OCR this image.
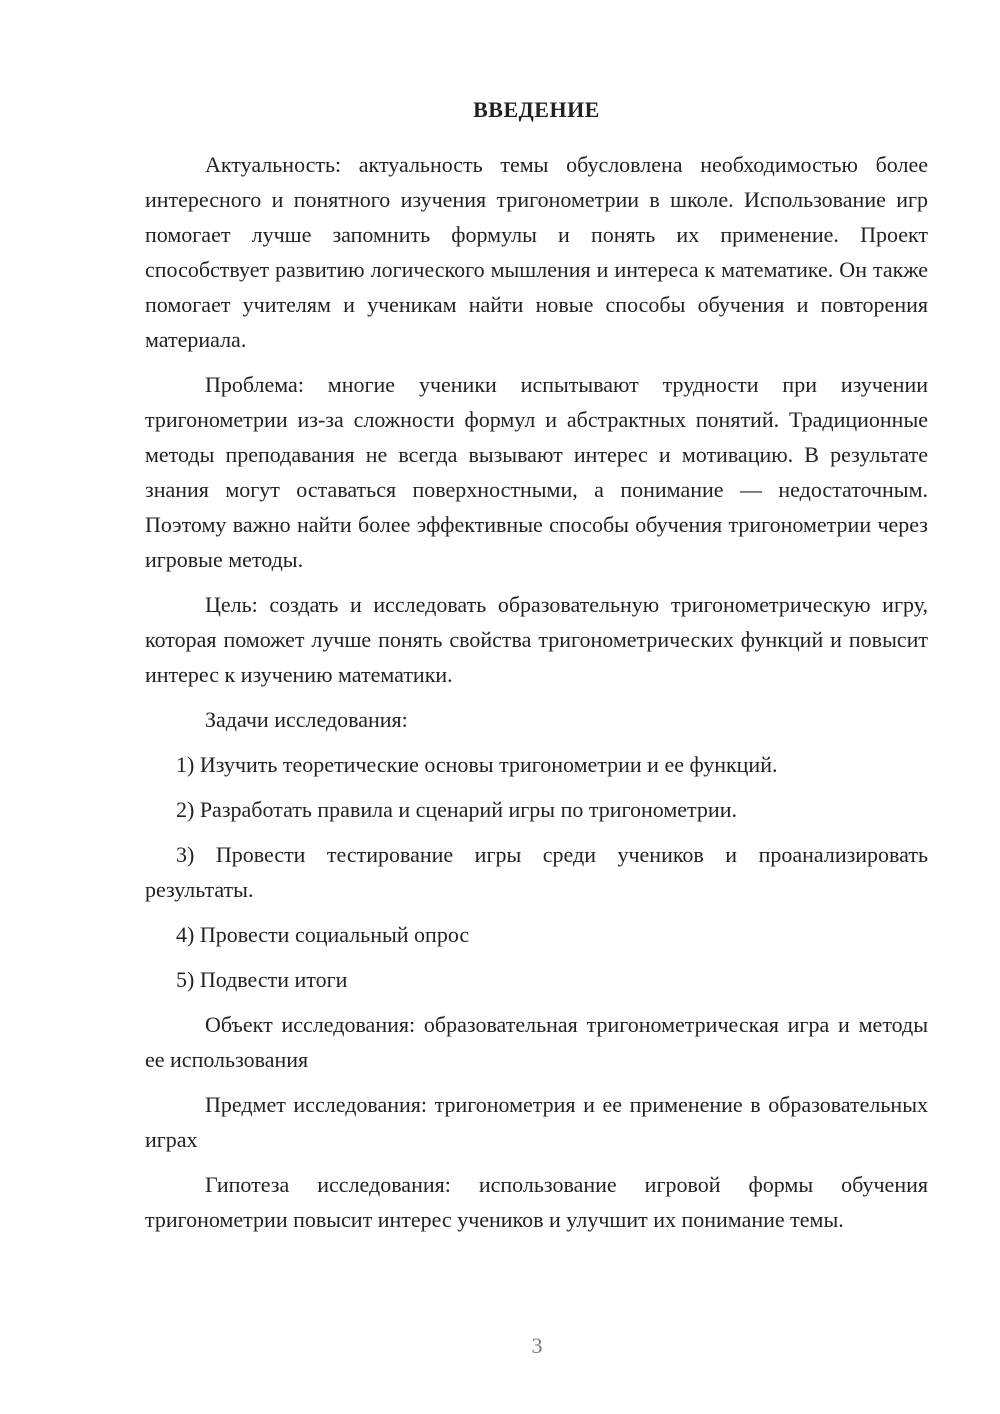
ВВЕДЕНИЕ

Актуальность: актуальность темы обусловлена необходимостью более интересного и понятного изучения тригонометрии в школе. Использование игр помогает лучше запомнить формулы и понять их применение. Проект способствует развитию логического мышления и интереса к математике. Он также помогает учителям и ученикам найти новые способы обучения и повторения материала.

Проблема: многие ученики испытывают трудности при изучении тригонометрии из-за сложности формул и абстрактных понятий. Традиционные методы преподавания не всегда вызывают интерес и мотивацию. В результате знания могут оставаться поверхностными, а понимание — недостаточным. Поэтому важно найти более эффективные способы обучения тригонометрии через игровые методы.

Цель: создать и исследовать образовательную тригонометрическую игру, которая поможет лучше понять свойства тригонометрических функций и повысит интерес к изучению математики.

Задачи исследования:

1) Изучить теоретические основы тригонометрии и ее функций.

2) Разработать правила и сценарий игры по тригонометрии.

3) Провести тестирование игры среди учеников и проанализировать результаты.

4) Провести социальный опрос

5) Подвести итоги

Объект исследования: образовательная тригонометрическая игра и методы ее использования

Предмет исследования: тригонометрия и ее применение в образовательных играх

Гипотеза исследования: использование игровой формы обучения тригонометрии повысит интерес учеников и улучшит их понимание темы.

3
